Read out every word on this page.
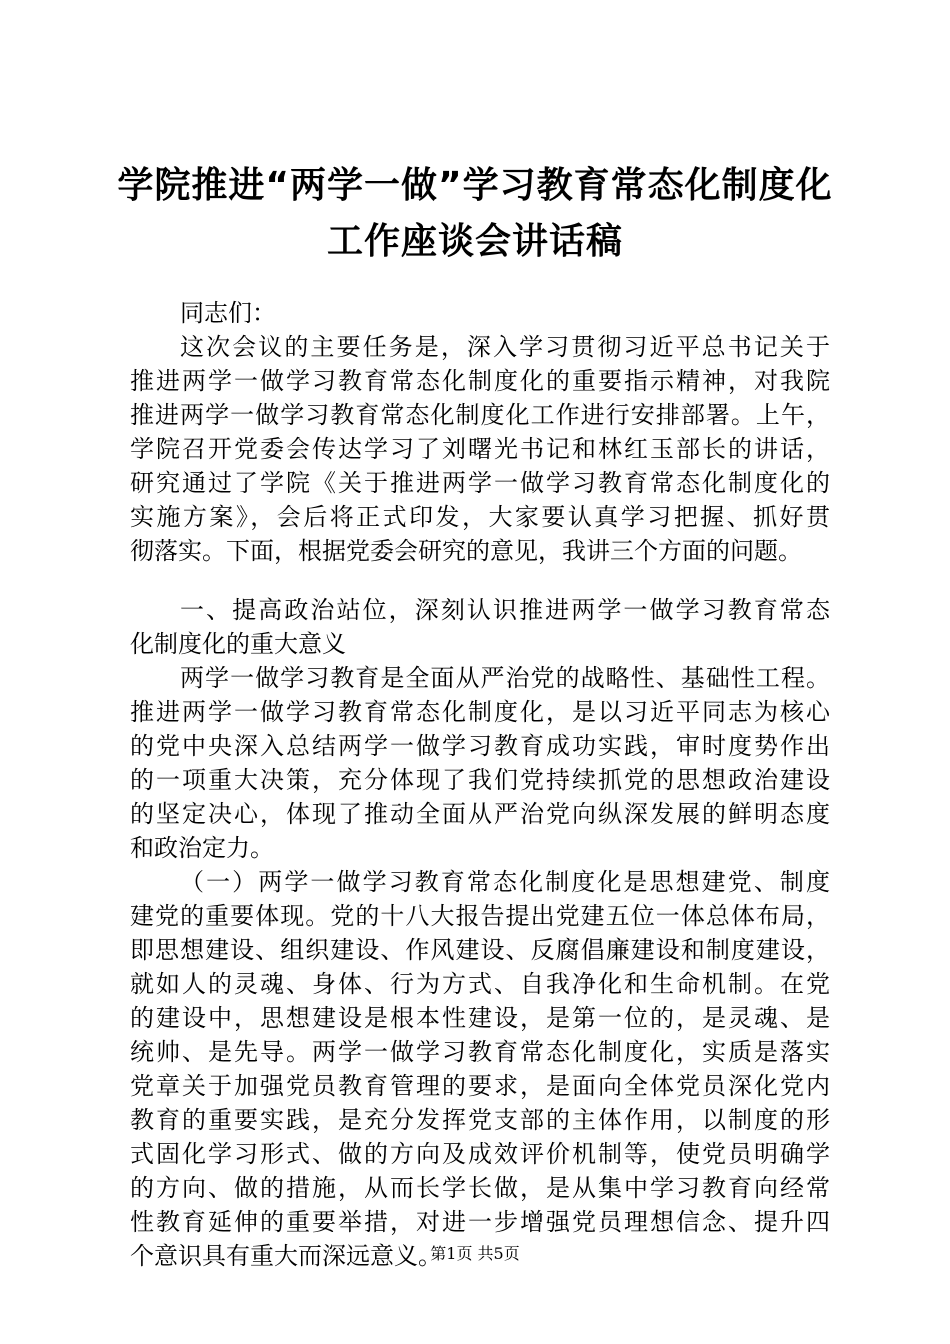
学院推进“两学一做”学习教育常态化制度化
工作座谈会讲话稿
同志们：
这次会议的主要任务是，深入学习贯彻习近平总书记关于
推进两学一做学习教育常态化制度化的重要指示精神，对我院
推进两学一做学习教育常态化制度化工作进行安排部署。上午，
学院召开党委会传达学习了刘曙光书记和林红玉部长的讲话，
研究通过了学院《关于推进两学一做学习教育常态化制度化的
实施方案》，会后将正式印发，大家要认真学习把握、抓好贯
彻落实。下面，根据党委会研究的意见，我讲三个方面的问题。
一、提高政治站位，深刻认识推进两学一做学习教育常态
化制度化的重大意义
两学一做学习教育是全面从严治党的战略性、基础性工程。
推进两学一做学习教育常态化制度化，是以习近平同志为核心
的党中央深入总结两学一做学习教育成功实践，审时度势作出
的一项重大决策，充分体现了我们党持续抓党的思想政治建设
的坚定决心，体现了推动全面从严治党向纵深发展的鲜明态度
和政治定力。
（一）两学一做学习教育常态化制度化是思想建党、制度
建党的重要体现。党的十八大报告提出党建五位一体总体布局，
即思想建设、组织建设、作风建设、反腐倡廉建设和制度建设，
就如人的灵魂、身体、行为方式、自我净化和生命机制。在党
的建设中，思想建设是根本性建设，是第一位的，是灵魂、是
统帅、是先导。两学一做学习教育常态化制度化，实质是落实
党章关于加强党员教育管理的要求，是面向全体党员深化党内
教育的重要实践，是充分发挥党支部的主体作用，以制度的形
式固化学习形式、做的方向及成效评价机制等，使党员明确学
的方向、做的措施，从而长学长做，是从集中学习教育向经常
性教育延伸的重要举措，对进一步增强党员理想信念、提升四
个意识具有重大而深远意义。
第1页 共5页
